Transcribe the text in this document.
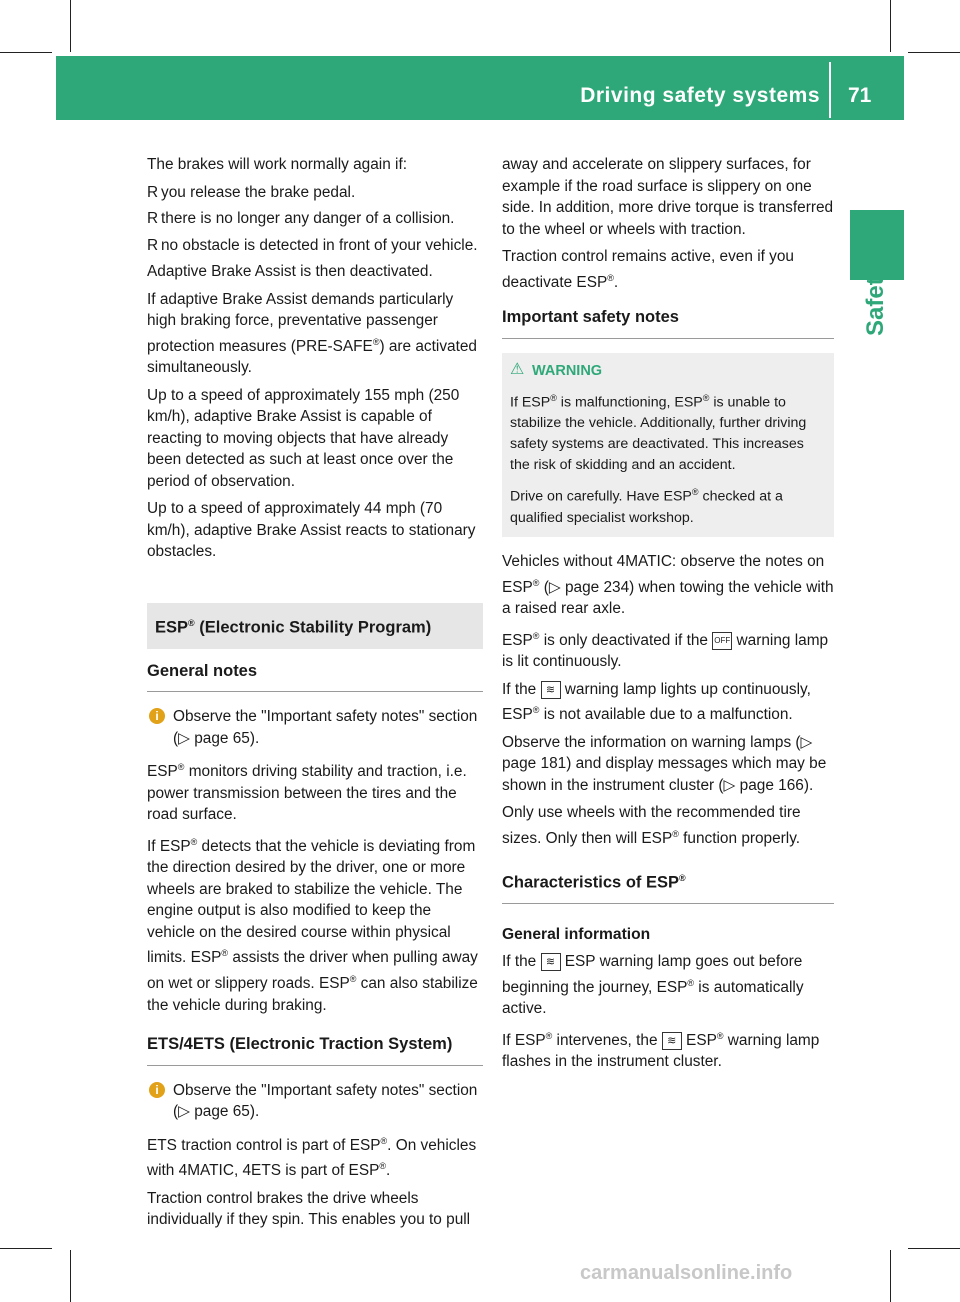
Driving safety systems 71
Safety

The brakes will work normally again if:

R you release the brake pedal.
R there is no longer any danger of a collision.
R no obstacle is detected in front of your vehicle.

Adaptive Brake Assist is then deactivated.

If adaptive Brake Assist demands particularly high braking force, preventative passenger protection measures (PRE-SAFE®) are activated simultaneously.

Up to a speed of approximately 155 mph (250 km/h), adaptive Brake Assist is capable of reacting to moving objects that have already been detected as such at least once over the period of observation.

Up to a speed of approximately 44 mph (70 km/h), adaptive Brake Assist reacts to stationary obstacles.

ESP® (Electronic Stability Program)
General notes
i Observe the "Important safety notes" section (▷ page 65).

ESP® monitors driving stability and traction, i.e. power transmission between the tires and the road surface.

If ESP® detects that the vehicle is deviating from the direction desired by the driver, one or more wheels are braked to stabilize the vehicle. The engine output is also modified to keep the vehicle on the desired course within physical limits. ESP® assists the driver when pulling away on wet or slippery roads. ESP® can also stabilize the vehicle during braking.

ETS/4ETS (Electronic Traction System)
i Observe the "Important safety notes" section (▷ page 65).

ETS traction control is part of ESP®. On vehicles with 4MATIC, 4ETS is part of ESP®.

Traction control brakes the drive wheels individually if they spin. This enables you to pull

away and accelerate on slippery surfaces, for example if the road surface is slippery on one side. In addition, more drive torque is transferred to the wheel or wheels with traction.

Traction control remains active, even if you deactivate ESP®.

Important safety notes
⚠ WARNING

If ESP® is malfunctioning, ESP® is unable to stabilize the vehicle. Additionally, further driving safety systems are deactivated. This increases the risk of skidding and an accident.

Drive on carefully. Have ESP® checked at a qualified specialist workshop.

Vehicles without 4MATIC: observe the notes on ESP® (▷ page 234) when towing the vehicle with a raised rear axle.

ESP® is only deactivated if the OFF warning lamp is lit continuously.

If the ≋ warning lamp lights up continuously, ESP® is not available due to a malfunction.

Observe the information on warning lamps (▷ page 181) and display messages which may be shown in the instrument cluster (▷ page 166).

Only use wheels with the recommended tire sizes. Only then will ESP® function properly.

Characteristics of ESP®
General information

If the ≋ ESP warning lamp goes out before beginning the journey, ESP® is automatically active.

If ESP® intervenes, the ≋ ESP® warning lamp flashes in the instrument cluster.

carmanualsonline.info
